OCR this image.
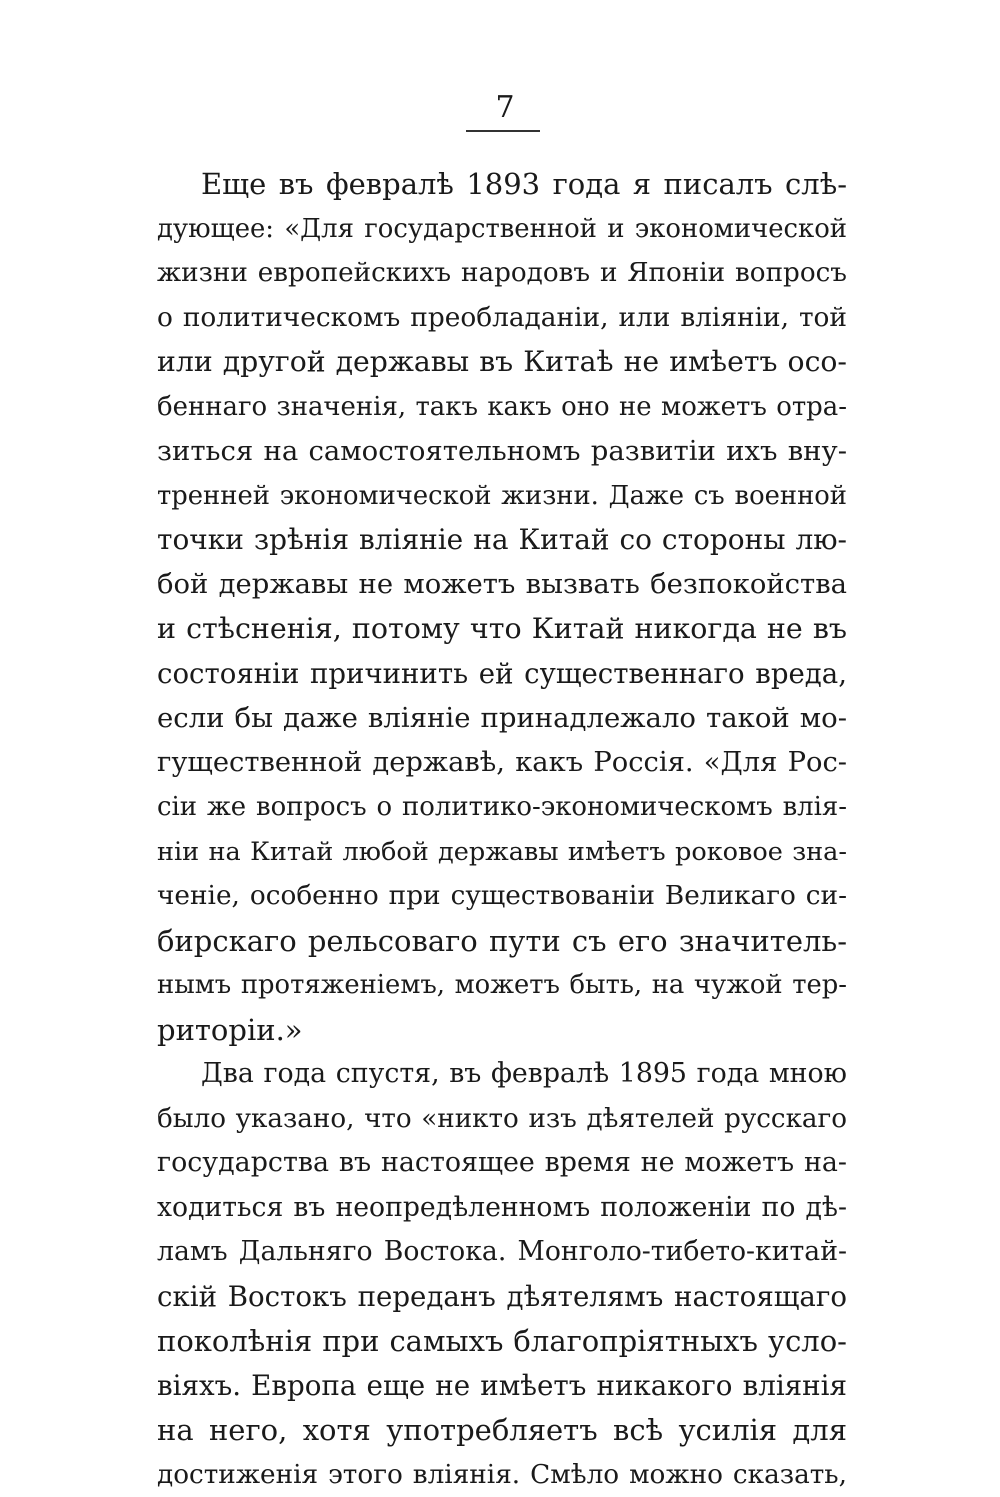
7
Еще въ февралѣ 1893 года я писалъ слѣ-
дующее: «Для государственной и экономической
жизни европейскихъ народовъ и Японіи вопросъ
о политическомъ преобладаніи, или вліяніи, той
или другой державы въ Китаѣ не имѣетъ осо-
беннаго значенія, такъ какъ оно не можетъ отра-
зиться на самостоятельномъ развитіи ихъ вну-
тренней экономической жизни. Даже съ военной
точки зрѣнія вліяніе на Китай со стороны лю-
бой державы не можетъ вызвать безпокойства
и стѣсненія, потому что Китай никогда не въ
состояніи причинить ей существеннаго вреда,
если бы даже вліяніе принадлежало такой мо-
гущественной державѣ, какъ Россія. «Для Рос-
сіи же вопросъ о политико-экономическомъ влія-
ніи на Китай любой державы имѣетъ роковое зна-
ченіе, особенно при существованіи Великаго си-
бирскаго рельсоваго пути съ его значитель-
нымъ протяженіемъ, можетъ быть, на чужой тер-
риторіи.»
Два года спустя, въ февралѣ 1895 года мною
было указано, что «никто изъ дѣятелей русскаго
государства въ настоящее время не можетъ на-
ходиться въ неопредѣленномъ положеніи по дѣ-
ламъ Дальняго Востока. Монголо-тибето-китай-
скій Востокъ переданъ дѣятелямъ настоящаго
поколѣнія при самыхъ благопріятныхъ усло-
віяхъ. Европа еще не имѣетъ никакого вліянія
на него, хотя употребляетъ всѣ усилія для
достиженія этого вліянія. Смѣло можно сказать,
